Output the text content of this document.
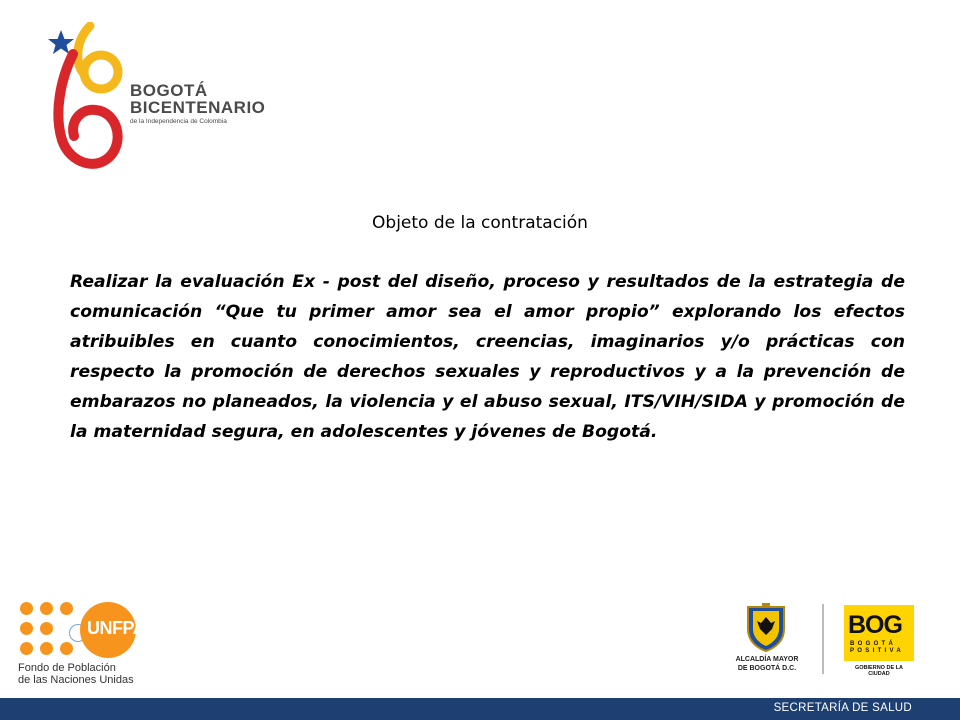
BOGOTÁ
BICENTENARIO
de la Independencia de Colombia
Objeto de la contratación
Realizar la evaluación Ex - post del diseño, proceso y resultados de la estrategia de comunicación “Que tu primer amor sea el amor propio” explorando los efectos atribuibles en cuanto conocimientos, creencias, imaginarios y/o prácticas con respecto la promoción de derechos sexuales y reproductivos y a la prevención de embarazos no planeados, la violencia y el abuso sexual, ITS/VIH/SIDA y promoción de la maternidad segura, en adolescentes y jóvenes de Bogotá.
UNFPA
Fondo de Población
de las Naciones Unidas
ALCALDÍA MAYOR
DE BOGOTÁ D.C.
BOG
BOGOTÁ
POSITIVA
GOBIERNO DE LA CIUDAD
SECRETARÍA DE SALUD
